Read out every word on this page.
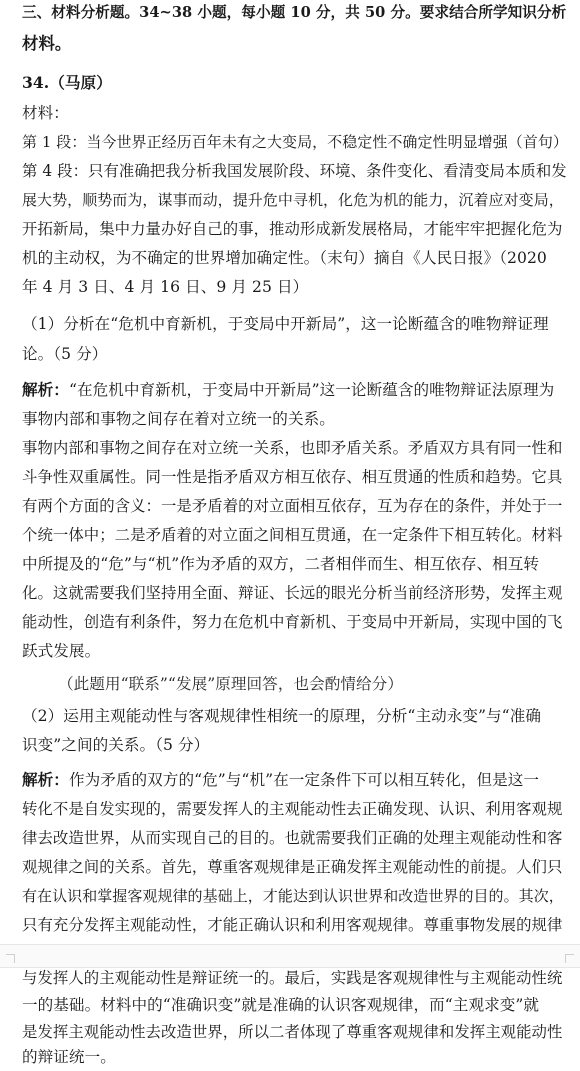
三、材料分析题。34~38 小题，每小题 10 分，共 50 分。要求结合所学知识分析
材料。
34.（马原）
材料：
第 1 段：当今世界正经历百年未有之大变局，不稳定性不确定性明显增强（首句）
第 4 段：只有准确把我分析我国发展阶段、环境、条件变化、看清变局本质和发
展大势，顺势而为，谋事而动，提升危中寻机，化危为机的能力，沉着应对变局，
开拓新局，集中力量办好自己的事，推动形成新发展格局，才能牢牢把握化危为
机的主动权，为不确定的世界增加确定性。（末句）摘自《人民日报》（2020
年 4 月 3 日、4 月 16 日、9 月 25 日）
（1）分析在“危机中育新机，于变局中开新局”，这一论断蕴含的唯物辩证理
论。（5 分）
解析：“在危机中育新机，于变局中开新局”这一论断蕴含的唯物辩证法原理为
事物内部和事物之间存在着对立统一的关系。
事物内部和事物之间存在对立统一关系，也即矛盾关系。矛盾双方具有同一性和
斗争性双重属性。同一性是指矛盾双方相互依存、相互贯通的性质和趋势。它具
有两个方面的含义：一是矛盾着的对立面相互依存，互为存在的条件，并处于一
个统一体中；二是矛盾着的对立面之间相互贯通，在一定条件下相互转化。材料
中所提及的“危”与“机”作为矛盾的双方，二者相伴而生、相互依存、相互转
化。这就需要我们坚持用全面、辩证、长远的眼光分析当前经济形势，发挥主观
能动性，创造有利条件，努力在危机中育新机、于变局中开新局，实现中国的飞
跃式发展。
（此题用“联系”“发展”原理回答，也会酌情给分）
（2）运用主观能动性与客观规律性相统一的原理，分析“主动永变”与“准确
识变”之间的关系。（5 分）
解析：作为矛盾的双方的“危”与“机”在一定条件下可以相互转化，但是这一
转化不是自发实现的，需要发挥人的主观能动性去正确发现、认识、利用客观规
律去改造世界，从而实现自己的目的。也就需要我们正确的处理主观能动性和客
观规律之间的关系。首先，尊重客观规律是正确发挥主观能动性的前提。人们只
有在认识和掌握客观规律的基础上，才能达到认识世界和改造世界的目的。其次，
只有充分发挥主观能动性，才能正确认识和利用客观规律。尊重事物发展的规律
与发挥人的主观能动性是辩证统一的。最后，实践是客观规律性与主观能动性统
一的基础。材料中的“准确识变”就是准确的认识客观规律，而“主观求变”就
是发挥主观能动性去改造世界，所以二者体现了尊重客观规律和发挥主观能动性
的辩证统一。
